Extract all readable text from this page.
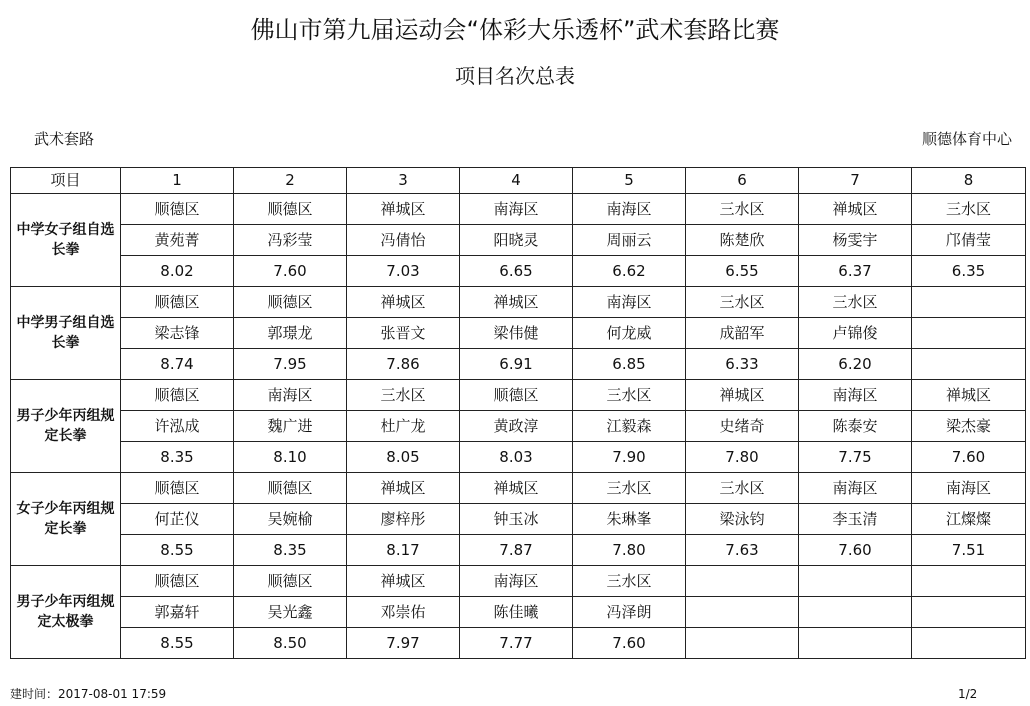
佛山市第九届运动会“体彩大乐透杯”武术套路比赛
项目名次总表
武术套路	顺德体育中心
项目	1	2	3	4	5	6	7	8
中学女子组自选长拳	顺德区	顺德区	禅城区	南海区	南海区	三水区	禅城区	三水区
	黄苑菁	冯彩莹	冯倩怡	阳晓灵	周丽云	陈楚欣	杨雯宇	邝倩莹
	8.02	7.60	7.03	6.65	6.62	6.55	6.37	6.35
中学男子组自选长拳	顺德区	顺德区	禅城区	禅城区	南海区	三水区	三水区	
	梁志锋	郭璟龙	张晋文	梁伟健	何龙威	成韶军	卢锦俊	
	8.74	7.95	7.86	6.91	6.85	6.33	6.20	
男子少年丙组规定长拳	顺德区	南海区	三水区	顺德区	三水区	禅城区	南海区	禅城区
	许泓成	魏广进	杜广龙	黄政淳	江毅森	史绪奇	陈泰安	梁杰豪
	8.35	8.10	8.05	8.03	7.90	7.80	7.75	7.60
女子少年丙组规定长拳	顺德区	顺德区	禅城区	禅城区	三水区	三水区	南海区	南海区
	何芷仪	吴婉榆	廖梓彤	钟玉冰	朱琳峯	梁泳钧	李玉清	江燦燦
	8.55	8.35	8.17	7.87	7.80	7.63	7.60	7.51
男子少年丙组规定太极拳	顺德区	顺德区	禅城区	南海区	三水区			
	郭嘉轩	吴光鑫	邓崇佑	陈佳曦	冯泽朗			
	8.55	8.50	7.97	7.77	7.60			
建时间：2017-08-01 17:59	1/2
